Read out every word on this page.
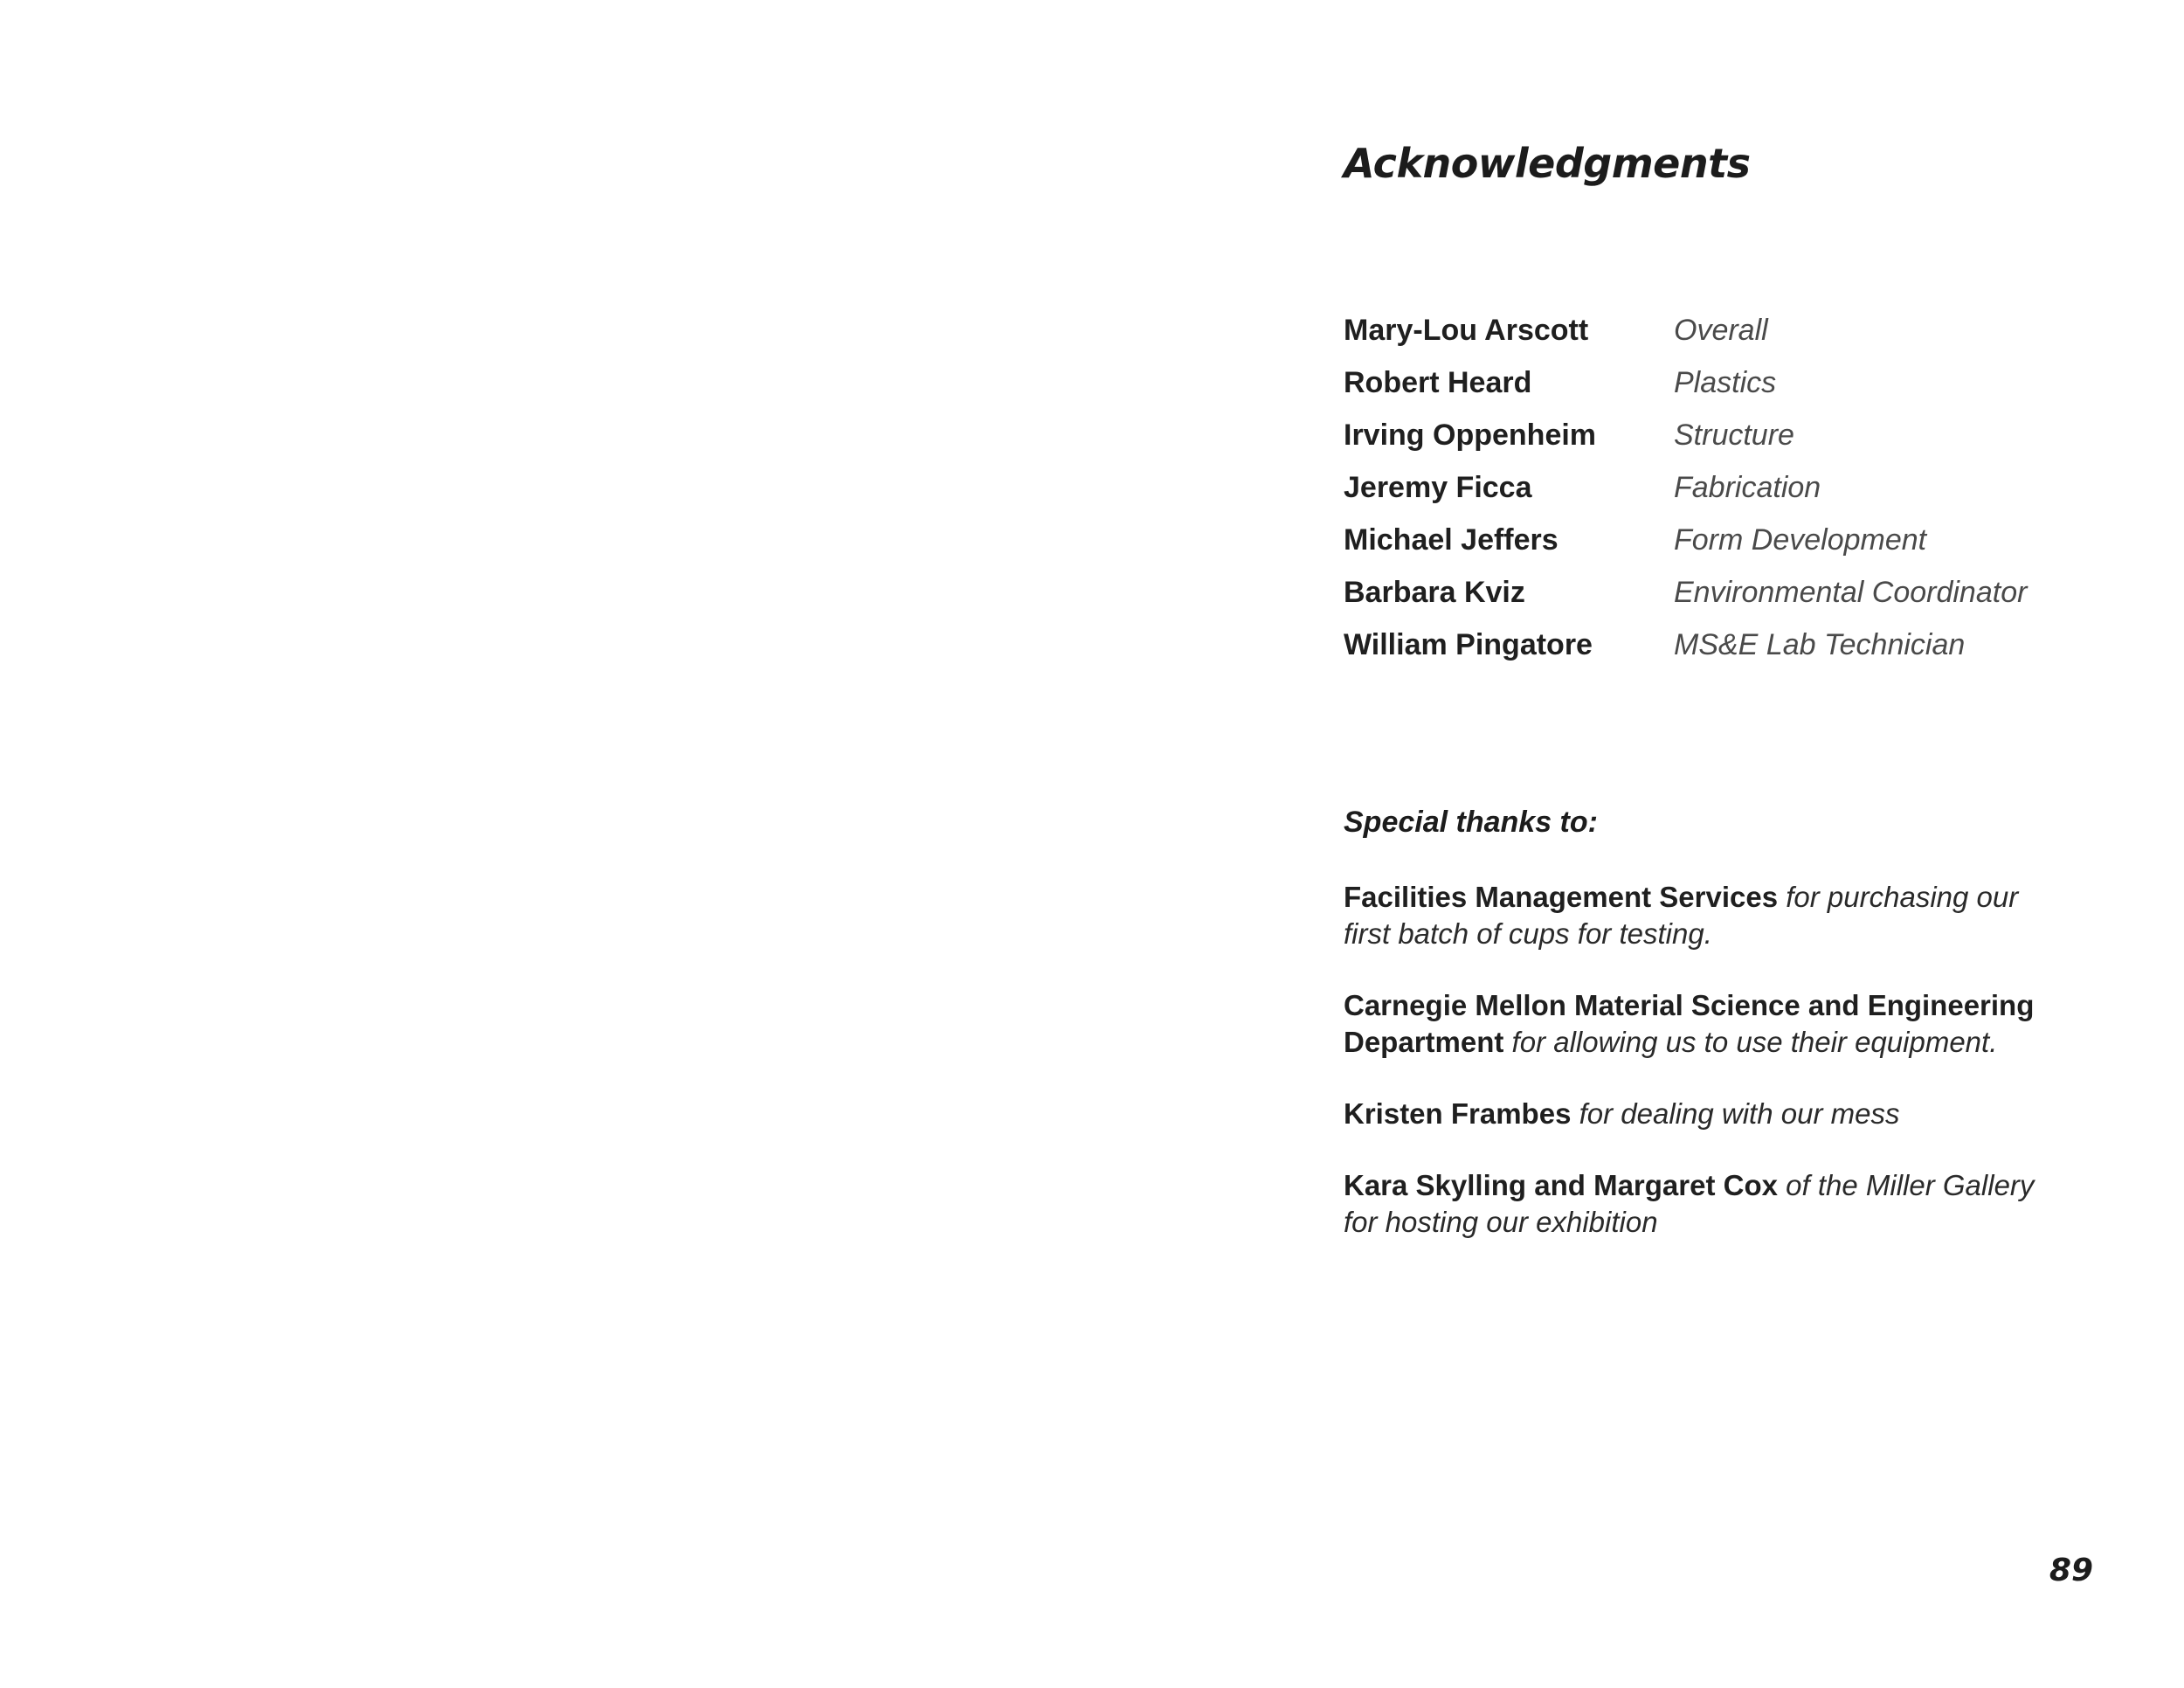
Acknowledgments
Mary-Lou Arscott	Overall
Robert Heard	Plastics
Irving Oppenheim	Structure
Jeremy Ficca	Fabrication
Michael Jeffers	Form Development
Barbara Kviz	Environmental Coordinator
William Pingatore	MS&E Lab Technician
Special thanks to:

Facilities Management Services for purchasing our first batch of cups for testing.

Carnegie Mellon Material Science and Engineering Department for allowing us to use their equipment.

Kristen Frambes for dealing with our mess

Kara Skylling and Margaret Cox of the Miller Gallery for hosting our exhibition

89
